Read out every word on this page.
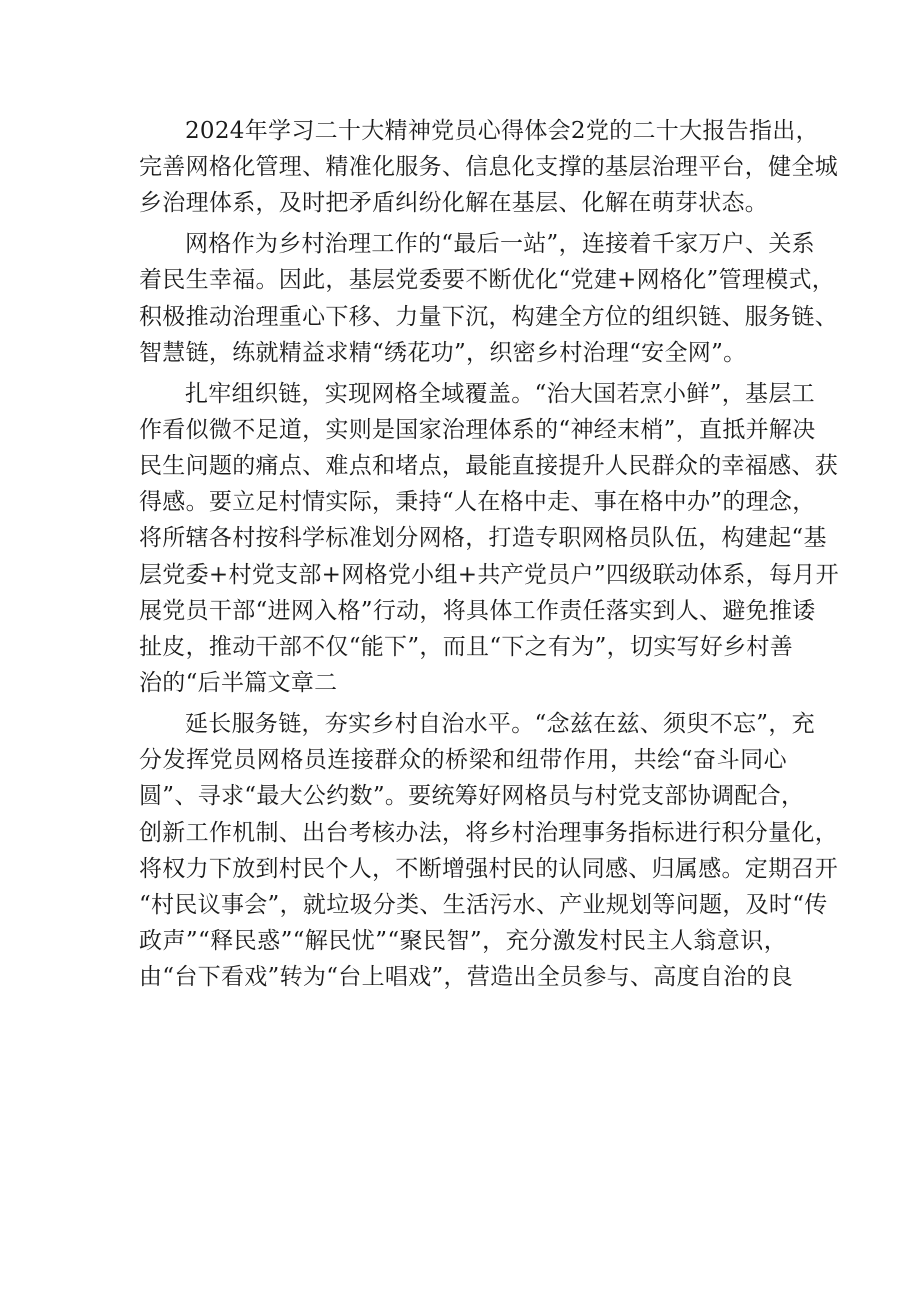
2024年学习二十大精神党员心得体会2党的二十大报告指出，
完善网格化管理、精准化服务、信息化支撑的基层治理平台，健全城
乡治理体系，及时把矛盾纠纷化解在基层、化解在萌芽状态。

网格作为乡村治理工作的“最后一站”，连接着千家万户、关系
着民生幸福。因此，基层党委要不断优化“党建+网格化”管理模式，
积极推动治理重心下移、力量下沉，构建全方位的组织链、服务链、
智慧链，练就精益求精“绣花功”，织密乡村治理“安全网”。

扎牢组织链，实现网格全域覆盖。“治大国若烹小鲜”，基层工
作看似微不足道，实则是国家治理体系的“神经末梢”，直抵并解决
民生问题的痛点、难点和堵点，最能直接提升人民群众的幸福感、获
得感。要立足村情实际，秉持“人在格中走、事在格中办”的理念，
将所辖各村按科学标准划分网格，打造专职网格员队伍，构建起“基
层党委+村党支部+网格党小组+共产党员户”四级联动体系，每月开
展党员干部“进网入格”行动，将具体工作责任落实到人、避免推诿
扯皮，推动干部不仅“能下”，而且“下之有为”，切实写好乡村善
治的“后半篇文章二

延长服务链，夯实乡村自治水平。“念兹在兹、须臾不忘”，充
分发挥党员网格员连接群众的桥梁和纽带作用，共绘“奋斗同心
圆”、寻求“最大公约数”。要统筹好网格员与村党支部协调配合，
创新工作机制、出台考核办法，将乡村治理事务指标进行积分量化，
将权力下放到村民个人，不断增强村民的认同感、归属感。定期召开
“村民议事会”，就垃圾分类、生活污水、产业规划等问题，及时“传
政声”“释民惑”“解民忧”“聚民智”，充分激发村民主人翁意识，
由“台下看戏”转为“台上唱戏”，营造出全员参与、高度自治的良
